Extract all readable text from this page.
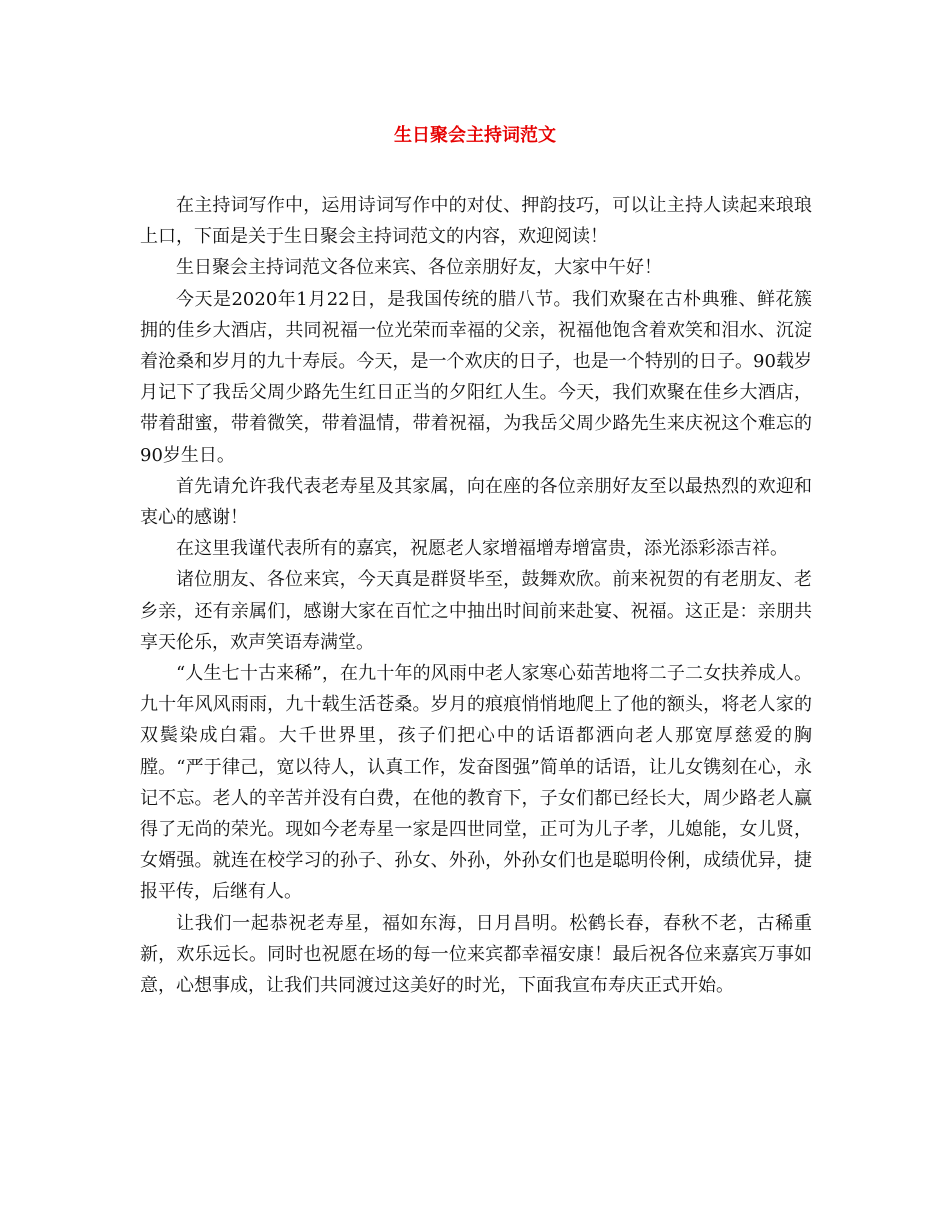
生日聚会主持词范文

在主持词写作中，运用诗词写作中的对仗、押韵技巧，可以让主持人读起来琅琅上口，下面是关于生日聚会主持词范文的内容，欢迎阅读！

生日聚会主持词范文各位来宾、各位亲朋好友，大家中午好！

今天是2020年1月22日，是我国传统的腊八节。我们欢聚在古朴典雅、鲜花簇拥的佳乡大酒店，共同祝福一位光荣而幸福的父亲，祝福他饱含着欢笑和泪水、沉淀着沧桑和岁月的九十寿辰。今天，是一个欢庆的日子，也是一个特别的日子。90载岁月记下了我岳父周少路先生红日正当的夕阳红人生。今天，我们欢聚在佳乡大酒店，带着甜蜜，带着微笑，带着温情，带着祝福，为我岳父周少路先生来庆祝这个难忘的90岁生日。

首先请允许我代表老寿星及其家属，向在座的各位亲朋好友至以最热烈的欢迎和衷心的感谢！

在这里我谨代表所有的嘉宾，祝愿老人家增福增寿增富贵，添光添彩添吉祥。

诸位朋友、各位来宾，今天真是群贤毕至，鼓舞欢欣。前来祝贺的有老朋友、老乡亲，还有亲属们，感谢大家在百忙之中抽出时间前来赴宴、祝福。这正是：亲朋共享天伦乐，欢声笑语寿满堂。

“人生七十古来稀”，在九十年的风雨中老人家寒心茹苦地将二子二女扶养成人。九十年风风雨雨，九十载生活苍桑。岁月的痕痕悄悄地爬上了他的额头，将老人家的双鬓染成白霜。大千世界里，孩子们把心中的话语都洒向老人那宽厚慈爱的胸膛。“严于律己，宽以待人，认真工作，发奋图强”简单的话语，让儿女镌刻在心，永记不忘。老人的辛苦并没有白费，在他的教育下，子女们都已经长大，周少路老人赢得了无尚的荣光。现如今老寿星一家是四世同堂，正可为儿子孝，儿媳能，女儿贤，女婿强。就连在校学习的孙子、孙女、外孙，外孙女们也是聪明伶俐，成绩优异，捷报平传，后继有人。

让我们一起恭祝老寿星，福如东海，日月昌明。松鹤长春，春秋不老，古稀重新，欢乐远长。同时也祝愿在场的每一位来宾都幸福安康！最后祝各位来嘉宾万事如意，心想事成，让我们共同渡过这美好的时光，下面我宣布寿庆正式开始。
